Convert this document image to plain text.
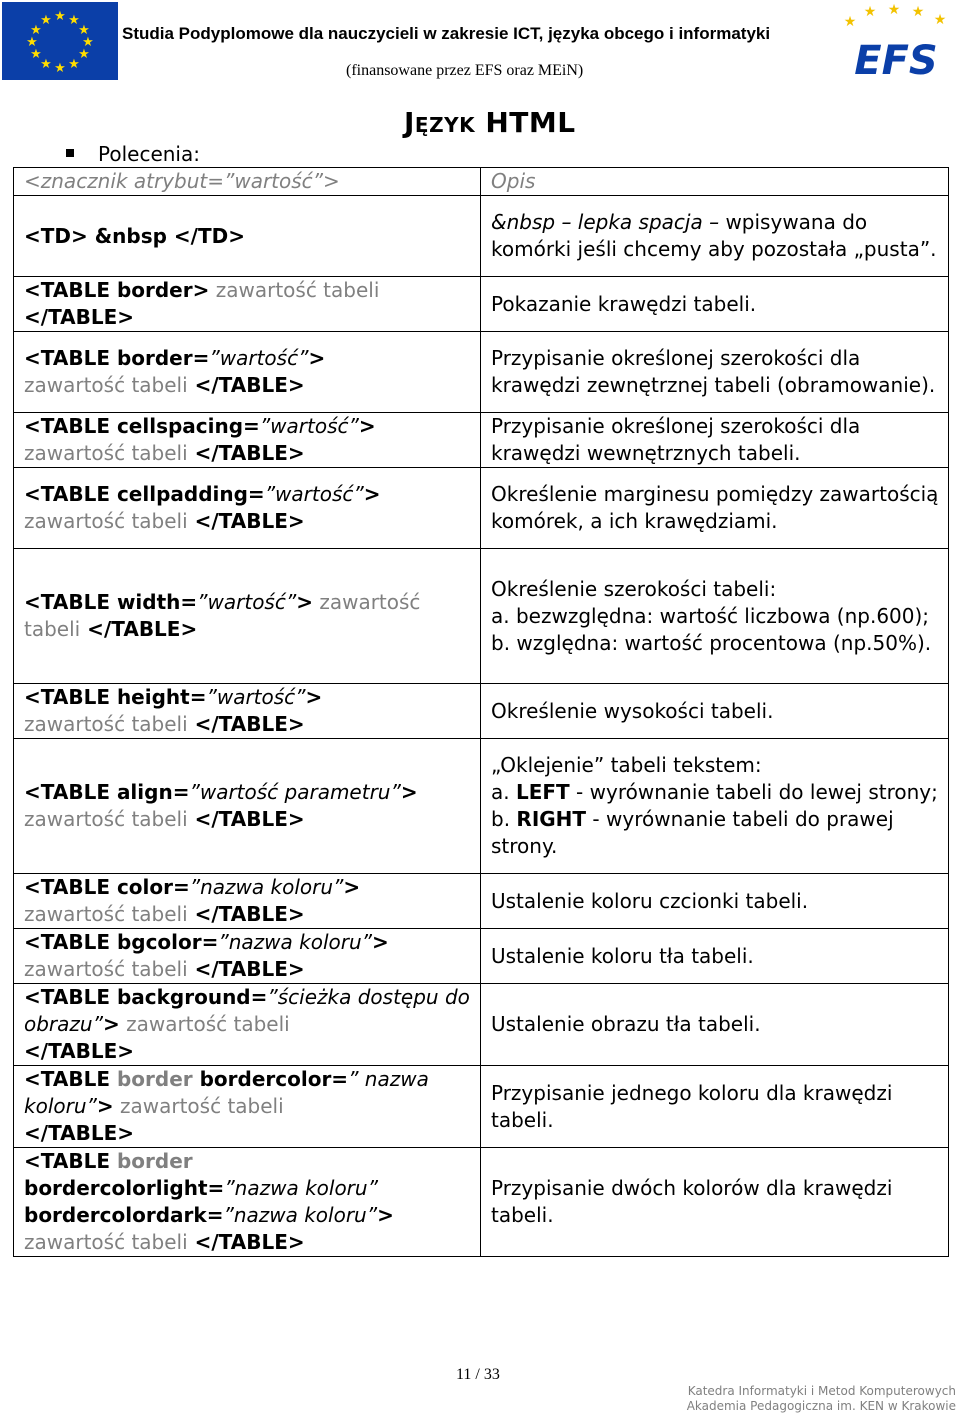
★ ★
★
★
★
★
★
★
★
★
★
★
Studia Podyplomowe dla nauczycieli w zakresie ICT, języka obcego i informatyki
(finansowane przez EFS oraz MEiN)
★
★ ★ ★ ★
EFS
JĘZYK HTML
Polecenia:
<znacznik atrybut=”wartość”>	Opis
<TD> &nbsp </TD>	&nbsp – lepka spacja – wpisywana do komórki jeśli chcemy aby pozostała „pusta”.
<TABLE border> zawartość tabeli
</TABLE>	Pokazanie krawędzi tabeli.
<TABLE border=”wartość”>
zawartość tabeli </TABLE>	Przypisanie określonej szerokości dla krawędzi zewnętrznej tabeli (obramowanie).
<TABLE cellspacing=”wartość”>
zawartość tabeli </TABLE>	Przypisanie określonej szerokości dla krawędzi wewnętrznych tabeli.
<TABLE cellpadding=”wartość”>
zawartość tabeli </TABLE>	Określenie marginesu pomiędzy zawartością komórek, a ich krawędziami.
<TABLE width=”wartość”> zawartość tabeli </TABLE>	Określenie szerokości tabeli:
a. bezwzględna: wartość liczbowa (np.600);
b. względna: wartość procentowa (np.50%).
<TABLE height=”wartość”>
zawartość tabeli </TABLE>	Określenie wysokości tabeli.
<TABLE align=”wartość parametru”>
zawartość tabeli </TABLE>	„Oklejenie” tabeli tekstem:
a. LEFT - wyrównanie tabeli do lewej strony;
b. RIGHT - wyrównanie tabeli do prawej strony.
<TABLE color=”nazwa koloru”>
zawartość tabeli </TABLE>	Ustalenie koloru czcionki tabeli.
<TABLE bgcolor=”nazwa koloru”>
zawartość tabeli </TABLE>	Ustalenie koloru tła tabeli.
<TABLE background=”ścieżka dostępu do obrazu”> zawartość tabeli
</TABLE>	Ustalenie obrazu tła tabeli.
<TABLE border bordercolor=” nazwa koloru”> zawartość tabeli
</TABLE>	Przypisanie jednego koloru dla krawędzi tabeli.
<TABLE border
bordercolorlight=”nazwa koloru”
bordercolordark=”nazwa koloru”>
zawartość tabeli </TABLE>	Przypisanie dwóch kolorów dla krawędzi tabeli.
11 / 33
Katedra Informatyki i Metod Komputerowych
Akademia Pedagogiczna im. KEN w Krakowie
